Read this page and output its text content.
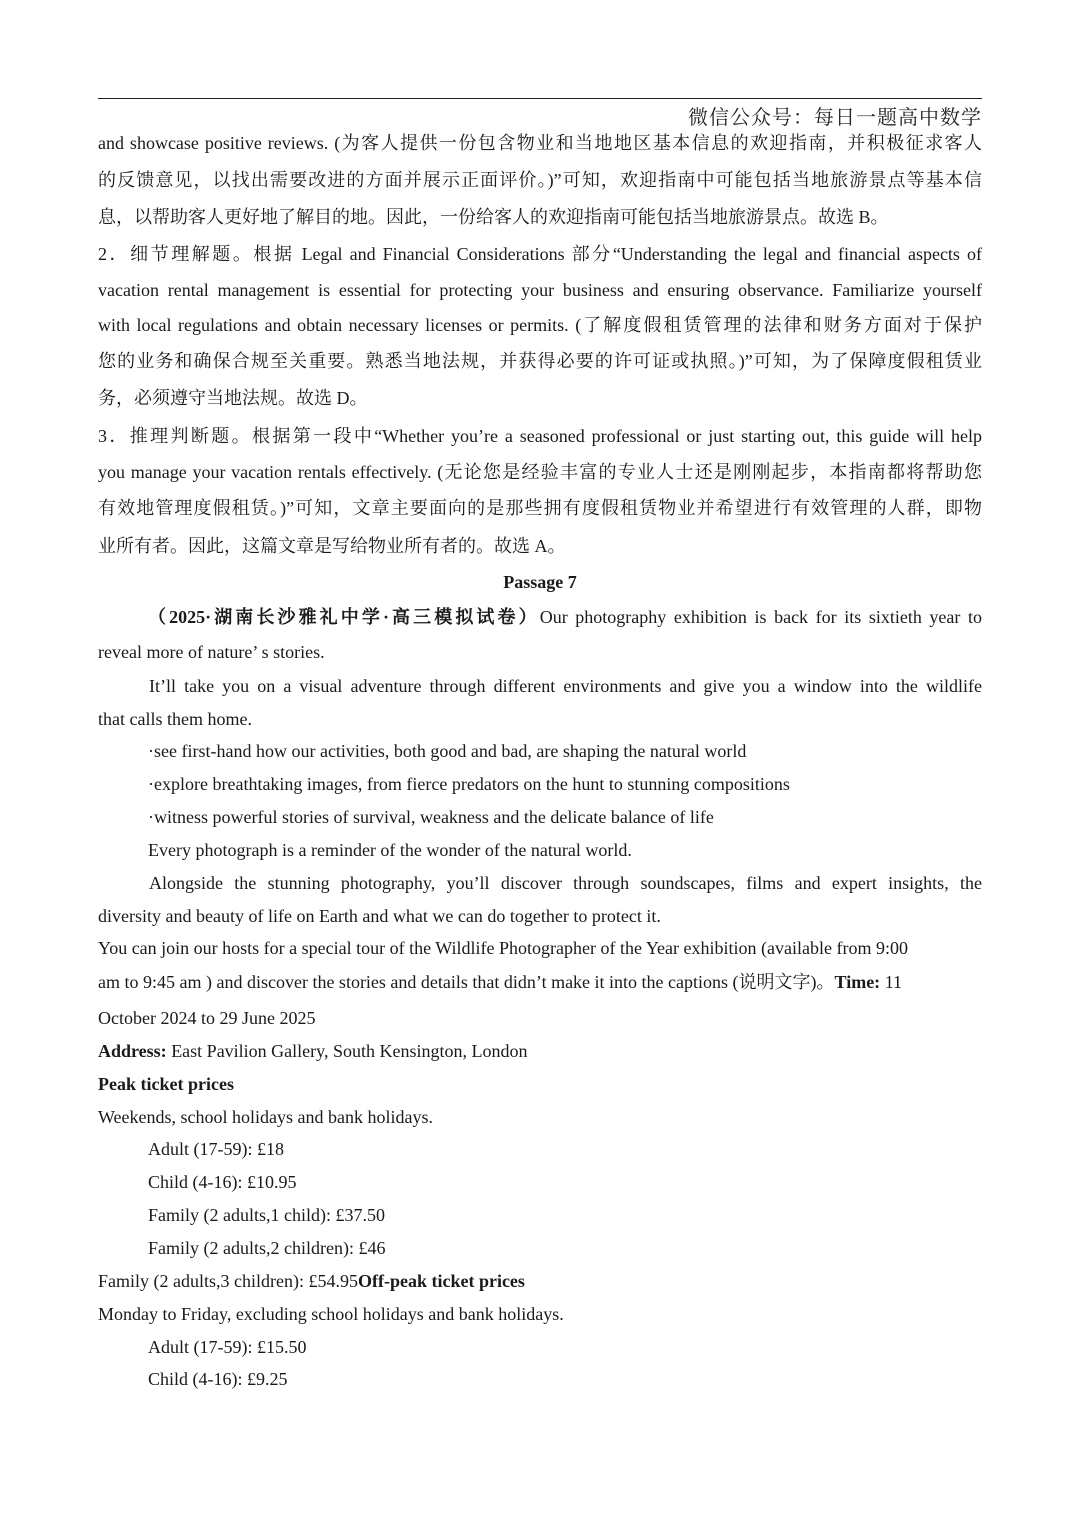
微信公众号：每日一题高中数学
and showcase positive reviews. (为客人提供一份包含物业和当地地区基本信息的欢迎指南，并积极征求客人
的反馈意见，以找出需要改进的方面并展示正面评价。)”可知，欢迎指南中可能包括当地旅游景点等基本信
息，以帮助客人更好地了解目的地。因此，一份给客人的欢迎指南可能包括当地旅游景点。故选 B。
2．细节理解题。根据 Legal and Financial Considerations 部分“Understanding the legal and financial aspects of
vacation rental management is essential for protecting your business and ensuring observance. Familiarize yourself
with local regulations and obtain necessary licenses or permits. (了解度假租赁管理的法律和财务方面对于保护
您的业务和确保合规至关重要。熟悉当地法规，并获得必要的许可证或执照。)”可知，为了保障度假租赁业
务，必须遵守当地法规。故选 D。
3．推理判断题。根据第一段中“Whether you’re a seasoned professional or just starting out, this guide will help
you manage your vacation rentals effectively. (无论您是经验丰富的专业人士还是刚刚起步，本指南都将帮助您
有效地管理度假租赁。)”可知，文章主要面向的是那些拥有度假租赁物业并希望进行有效管理的人群，即物
业所有者。因此，这篇文章是写给物业所有者的。故选 A。
Passage 7
（2025·湖南长沙雅礼中学·高三模拟试卷）Our photography exhibition is back for its sixtieth year to
reveal more of nature’ s stories.
It’ll take you on a visual adventure through different environments and give you a window into the wildlife
that calls them home.
·see first-hand how our activities, both good and bad, are shaping the natural world
·explore breathtaking images, from fierce predators on the hunt to stunning compositions
·witness powerful stories of survival, weakness and the delicate balance of life
Every photograph is a reminder of the wonder of the natural world.
Alongside the stunning photography, you’ll discover through soundscapes, films and expert insights, the
diversity and beauty of life on Earth and what we can do together to protect it.
You can join our hosts for a special tour of the Wildlife Photographer of the Year exhibition (available from 9:00
am to 9:45 am ) and discover the stories and details that didn’t make it into the captions (说明文字)。Time: 11
October 2024 to 29 June 2025
Address: East Pavilion Gallery, South Kensington, London
Peak ticket prices
Weekends, school holidays and bank holidays.
Adult (17-59): £18
Child (4-16): £10.95
Family (2 adults,1 child): £37.50
Family (2 adults,2 children): £46
Family (2 adults,3 children): £54.95Off-peak ticket prices
Monday to Friday, excluding school holidays and bank holidays.
Adult (17-59): £15.50
Child (4-16): £9.25
